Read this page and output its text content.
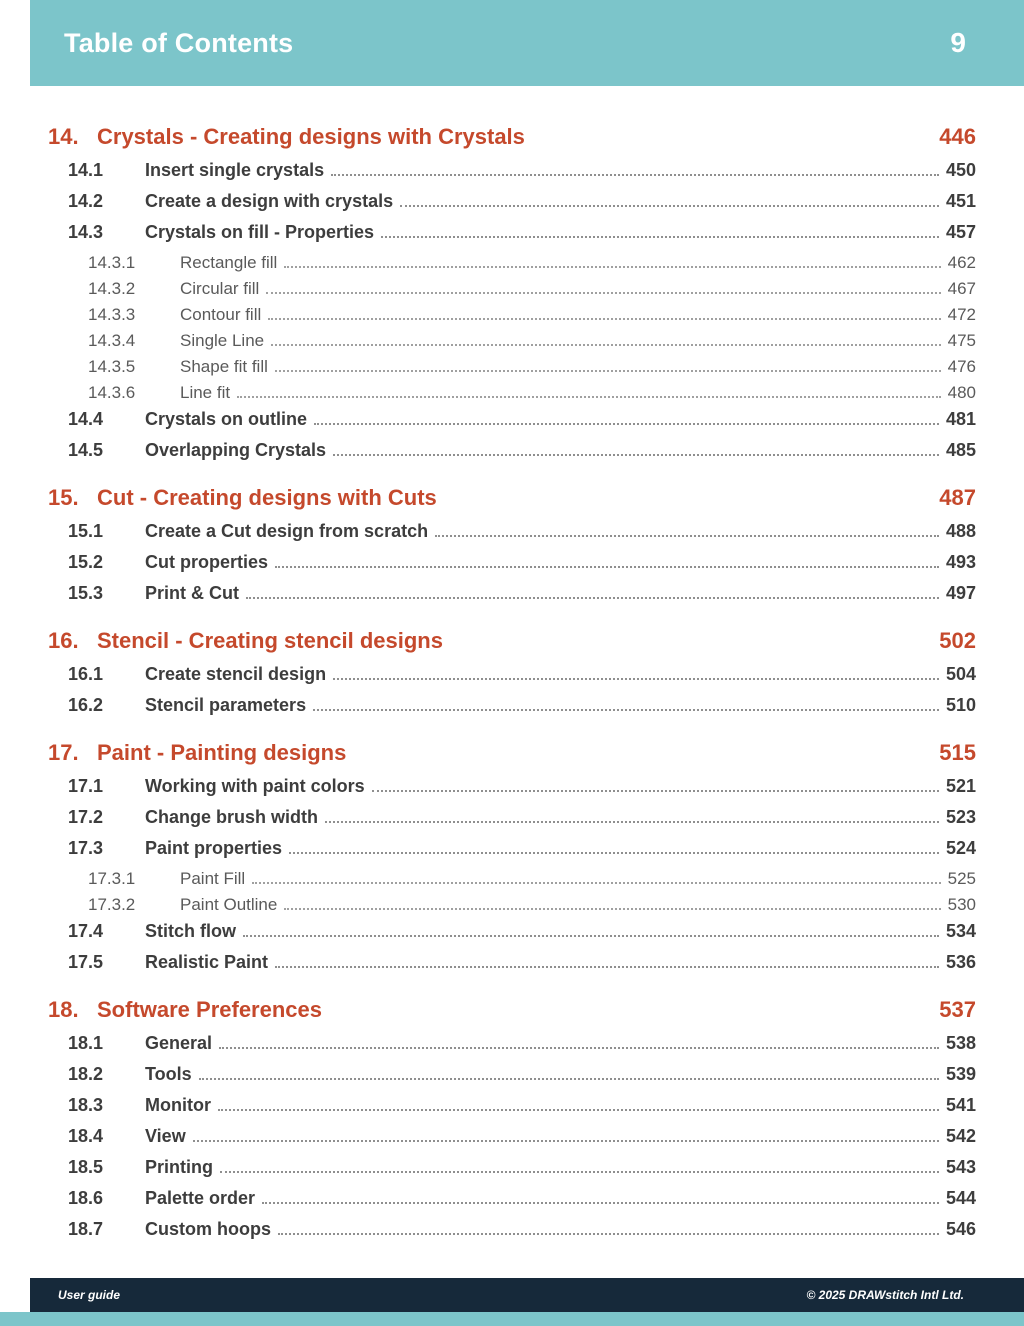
Table of Contents	9
14. Crystals - Creating designs with Crystals	446
14.1	Insert single crystals	450
14.2	Create a design with crystals	451
14.3	Crystals on fill - Properties	457
14.3.1	Rectangle fill	462
14.3.2	Circular fill	467
14.3.3	Contour fill	472
14.3.4	Single Line	475
14.3.5	Shape fit fill	476
14.3.6	Line fit	480
14.4	Crystals on outline	481
14.5	Overlapping Crystals	485
15. Cut - Creating designs with Cuts	487
15.1	Create a Cut design from scratch	488
15.2	Cut properties	493
15.3	Print & Cut	497
16. Stencil - Creating stencil designs	502
16.1	Create stencil design	504
16.2	Stencil parameters	510
17. Paint - Painting designs	515
17.1	Working with paint colors	521
17.2	Change brush width	523
17.3	Paint properties	524
17.3.1	Paint Fill	525
17.3.2	Paint Outline	530
17.4	Stitch flow	534
17.5	Realistic Paint	536
18. Software Preferences	537
18.1	General	538
18.2	Tools	539
18.3	Monitor	541
18.4	View	542
18.5	Printing	543
18.6	Palette order	544
18.7	Custom hoops	546
User guide	© 2025 DRAWstitch Intl Ltd.
